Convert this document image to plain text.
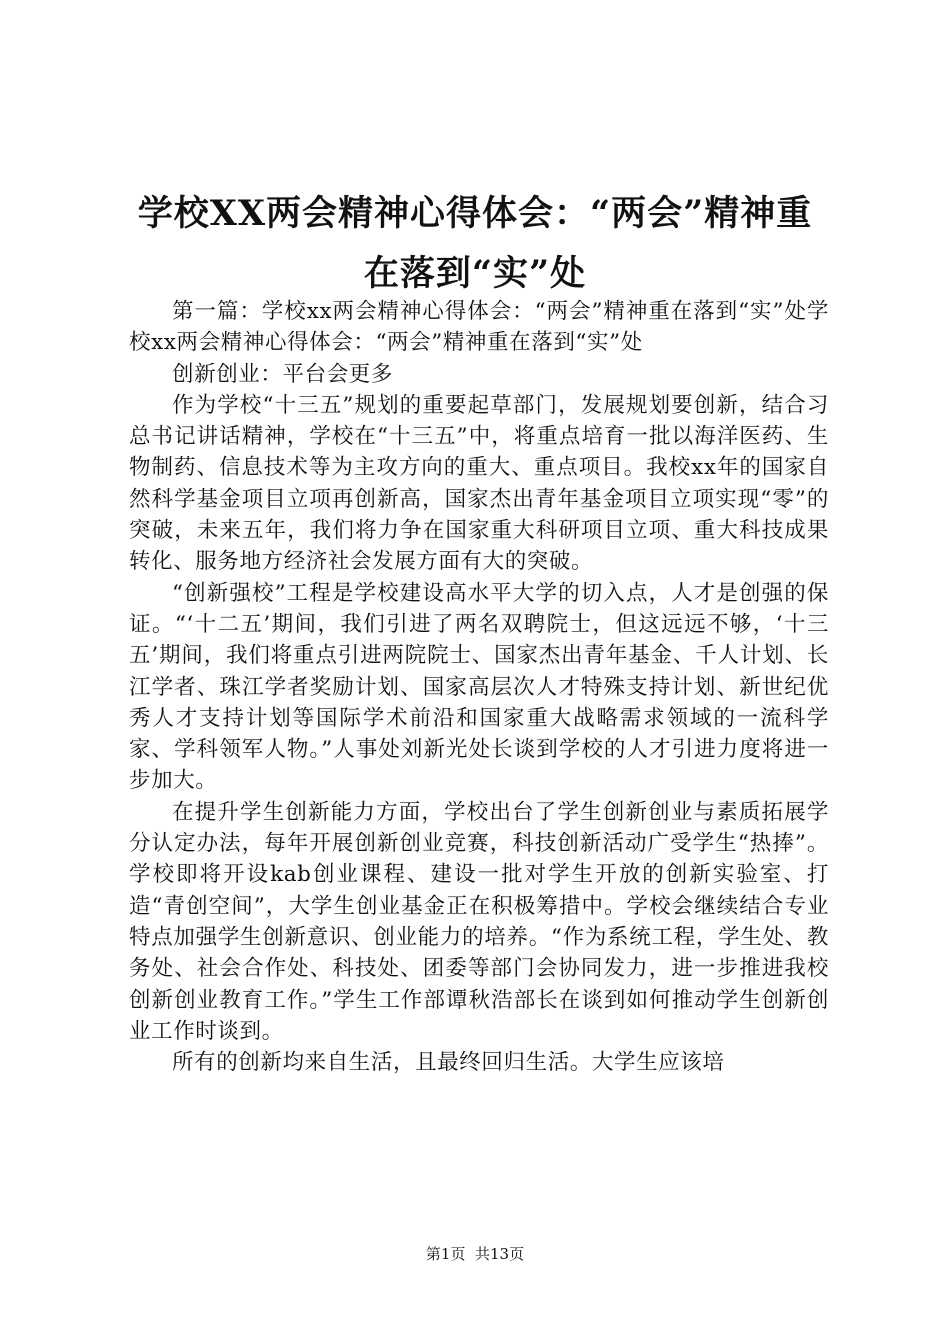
学校XX两会精神心得体会：“两会”精神重
在落到“实”处

第一篇：学校xx两会精神心得体会：“两会”精神重在落到“实”处学校xx两会精神心得体会：“两会”精神重在落到“实”处

创新创业：平台会更多

作为学校“十三五”规划的重要起草部门，发展规划要创新，结合习总书记讲话精神，学校在“十三五”中，将重点培育一批以海洋医药、生物制药、信息技术等为主攻方向的重大、重点项目。我校xx年的国家自然科学基金项目立项再创新高，国家杰出青年基金项目立项实现“零”的突破，未来五年，我们将力争在国家重大科研项目立项、重大科技成果转化、服务地方经济社会发展方面有大的突破。

“创新强校”工程是学校建设高水平大学的切入点，人才是创强的保证。“‘十二五’期间，我们引进了两名双聘院士，但这远远不够，‘十三五’期间，我们将重点引进两院院士、国家杰出青年基金、千人计划、长江学者、珠江学者奖励计划、国家高层次人才特殊支持计划、新世纪优秀人才支持计划等国际学术前沿和国家重大战略需求领域的一流科学家、学科领军人物。”人事处刘新光处长谈到学校的人才引进力度将进一步加大。

在提升学生创新能力方面，学校出台了学生创新创业与素质拓展学分认定办法，每年开展创新创业竞赛，科技创新活动广受学生“热捧”。学校即将开设kab创业课程、建设一批对学生开放的创新实验室、打造“青创空间”，大学生创业基金正在积极筹措中。学校会继续结合专业特点加强学生创新意识、创业能力的培养。“作为系统工程，学生处、教务处、社会合作处、科技处、团委等部门会协同发力，进一步推进我校创新创业教育工作。”学生工作部谭秋浩部长在谈到如何推动学生创新创业工作时谈到。

所有的创新均来自生活，且最终回归生活。大学生应该培

第1页 共13页
